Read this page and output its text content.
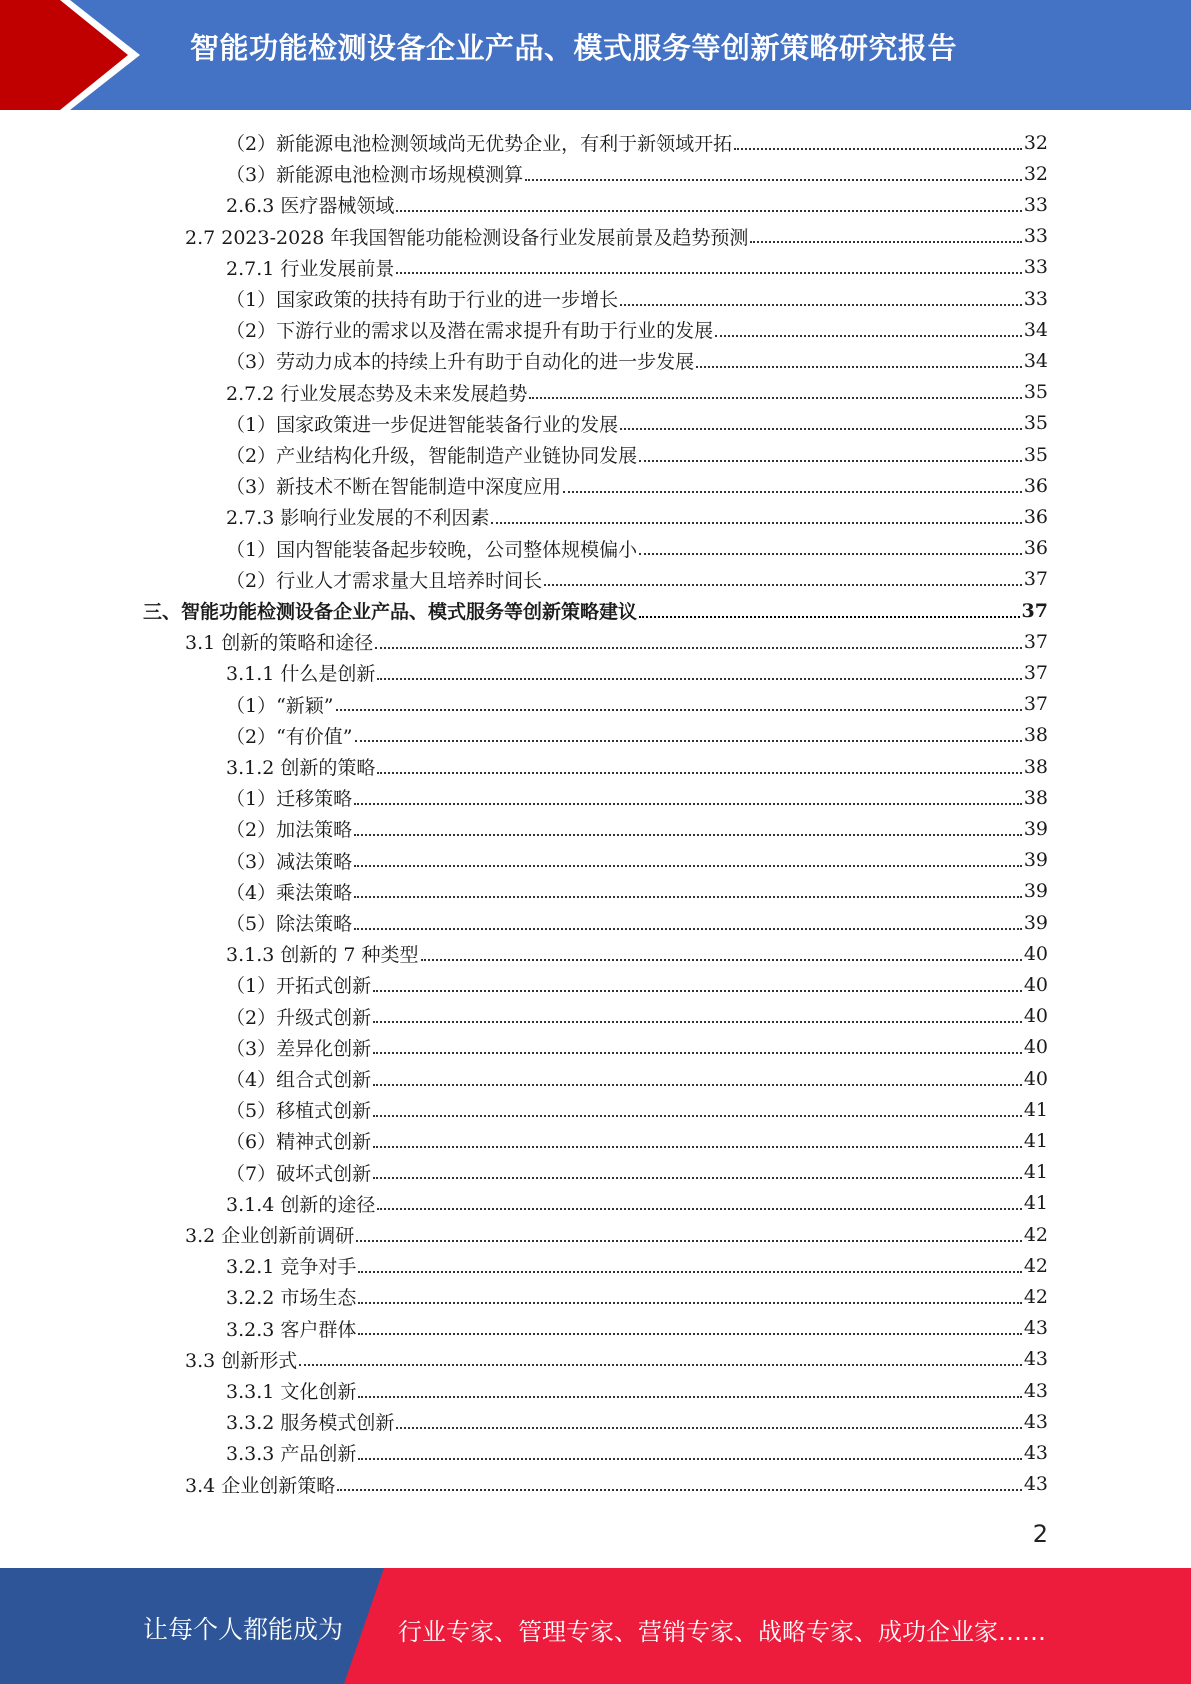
智能功能检测设备企业产品、模式服务等创新策略研究报告
（2）新能源电池检测领域尚无优势企业，有利于新领域开拓	32
（3）新能源电池检测市场规模测算	32
2.6.3 医疗器械领域	33
2.7 2023-2028 年我国智能功能检测设备行业发展前景及趋势预测	33
2.7.1 行业发展前景	33
（1）国家政策的扶持有助于行业的进一步增长	33
（2）下游行业的需求以及潜在需求提升有助于行业的发展	34
（3）劳动力成本的持续上升有助于自动化的进一步发展	34
2.7.2 行业发展态势及未来发展趋势	35
（1）国家政策进一步促进智能装备行业的发展	35
（2）产业结构化升级，智能制造产业链协同发展	35
（3）新技术不断在智能制造中深度应用	36
2.7.3 影响行业发展的不利因素	36
（1）国内智能装备起步较晚，公司整体规模偏小	36
（2）行业人才需求量大且培养时间长	37
三、智能功能检测设备企业产品、模式服务等创新策略建议	37
3.1 创新的策略和途径	37
3.1.1 什么是创新	37
（1）“新颖”	37
（2）“有价值”	38
3.1.2 创新的策略	38
（1）迁移策略	38
（2）加法策略	39
（3）减法策略	39
（4）乘法策略	39
（5）除法策略	39
3.1.3 创新的 7 种类型	40
（1）开拓式创新	40
（2）升级式创新	40
（3）差异化创新	40
（4）组合式创新	40
（5）移植式创新	41
（6）精神式创新	41
（7）破坏式创新	41
3.1.4 创新的途径	41
3.2 企业创新前调研	42
3.2.1 竞争对手	42
3.2.2 市场生态	42
3.2.3 客户群体	43
3.3 创新形式	43
3.3.1 文化创新	43
3.3.2 服务模式创新	43
3.3.3 产品创新	43
3.4 企业创新策略	43
2
让每个人都能成为 行业专家、管理专家、营销专家、战略专家、成功企业家……
